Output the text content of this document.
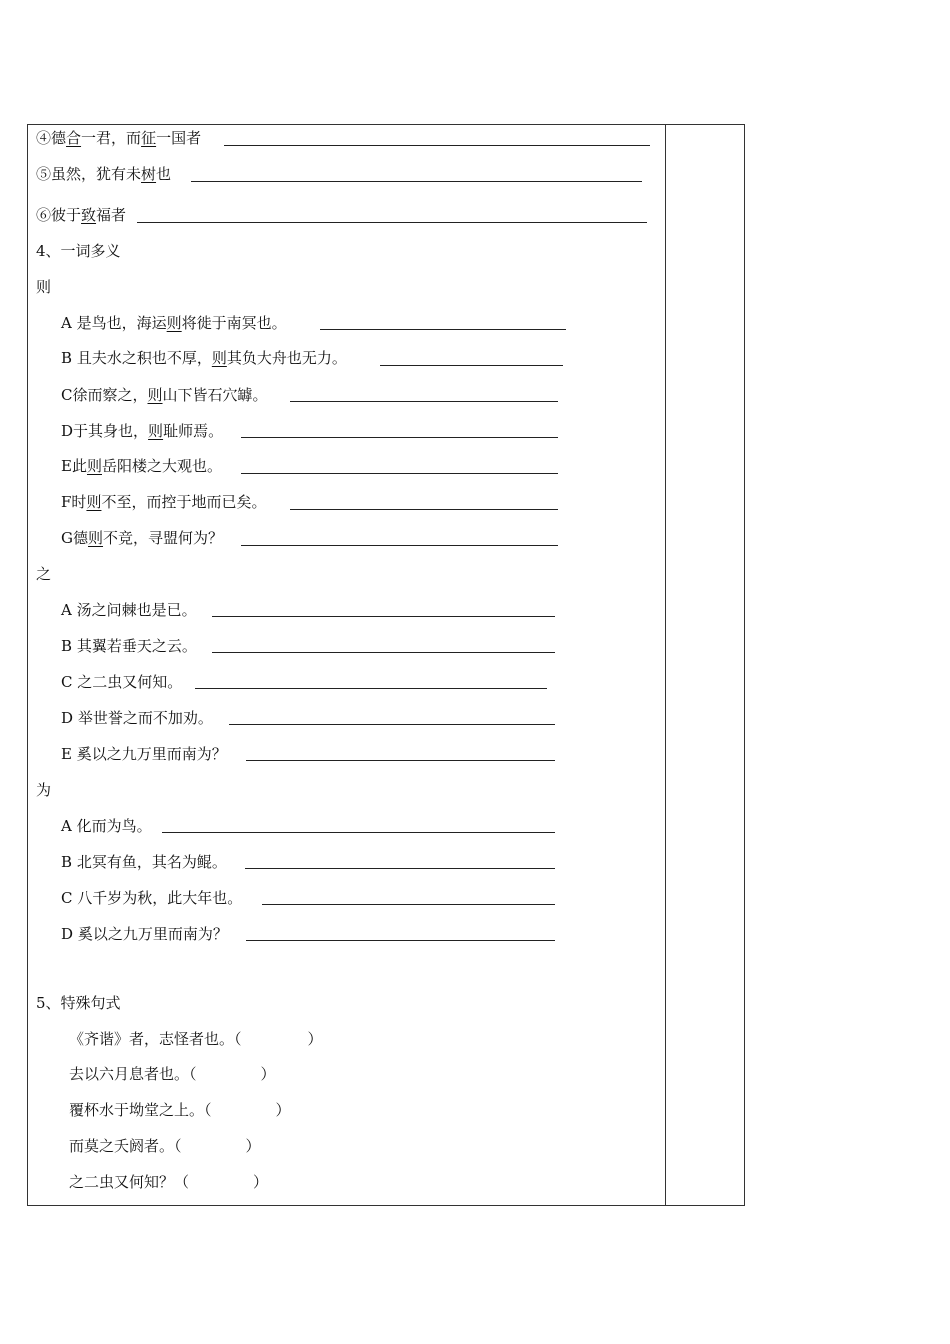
④德合一君，而征一国者
⑤虽然，犹有未树也
⑥彼于致福者
4、一词多义
则
A 是鸟也，海运则将徙于南冥也。
B 且夫水之积也不厚，则其负大舟也无力。
C徐而察之，则山下皆石穴罅。
D于其身也，则耻师焉。
E此则岳阳楼之大观也。
F时则不至，而控于地而已矣。
G德则不竞，寻盟何为？
之
A 汤之问棘也是已。
B 其翼若垂天之云。
C 之二虫又何知。
D 举世誉之而不加劝。
E 奚以之九万里而南为？
为
A 化而为鸟。
B 北冥有鱼，其名为鲲。
C 八千岁为秋，此大年也。
D 奚以之九万里而南为？
5、特殊句式
《齐谐》者，志怪者也。（	）
去以六月息者也。（	）
覆杯水于坳堂之上。（	）
而莫之夭阏者。（	）
之二虫又何知？（	）
